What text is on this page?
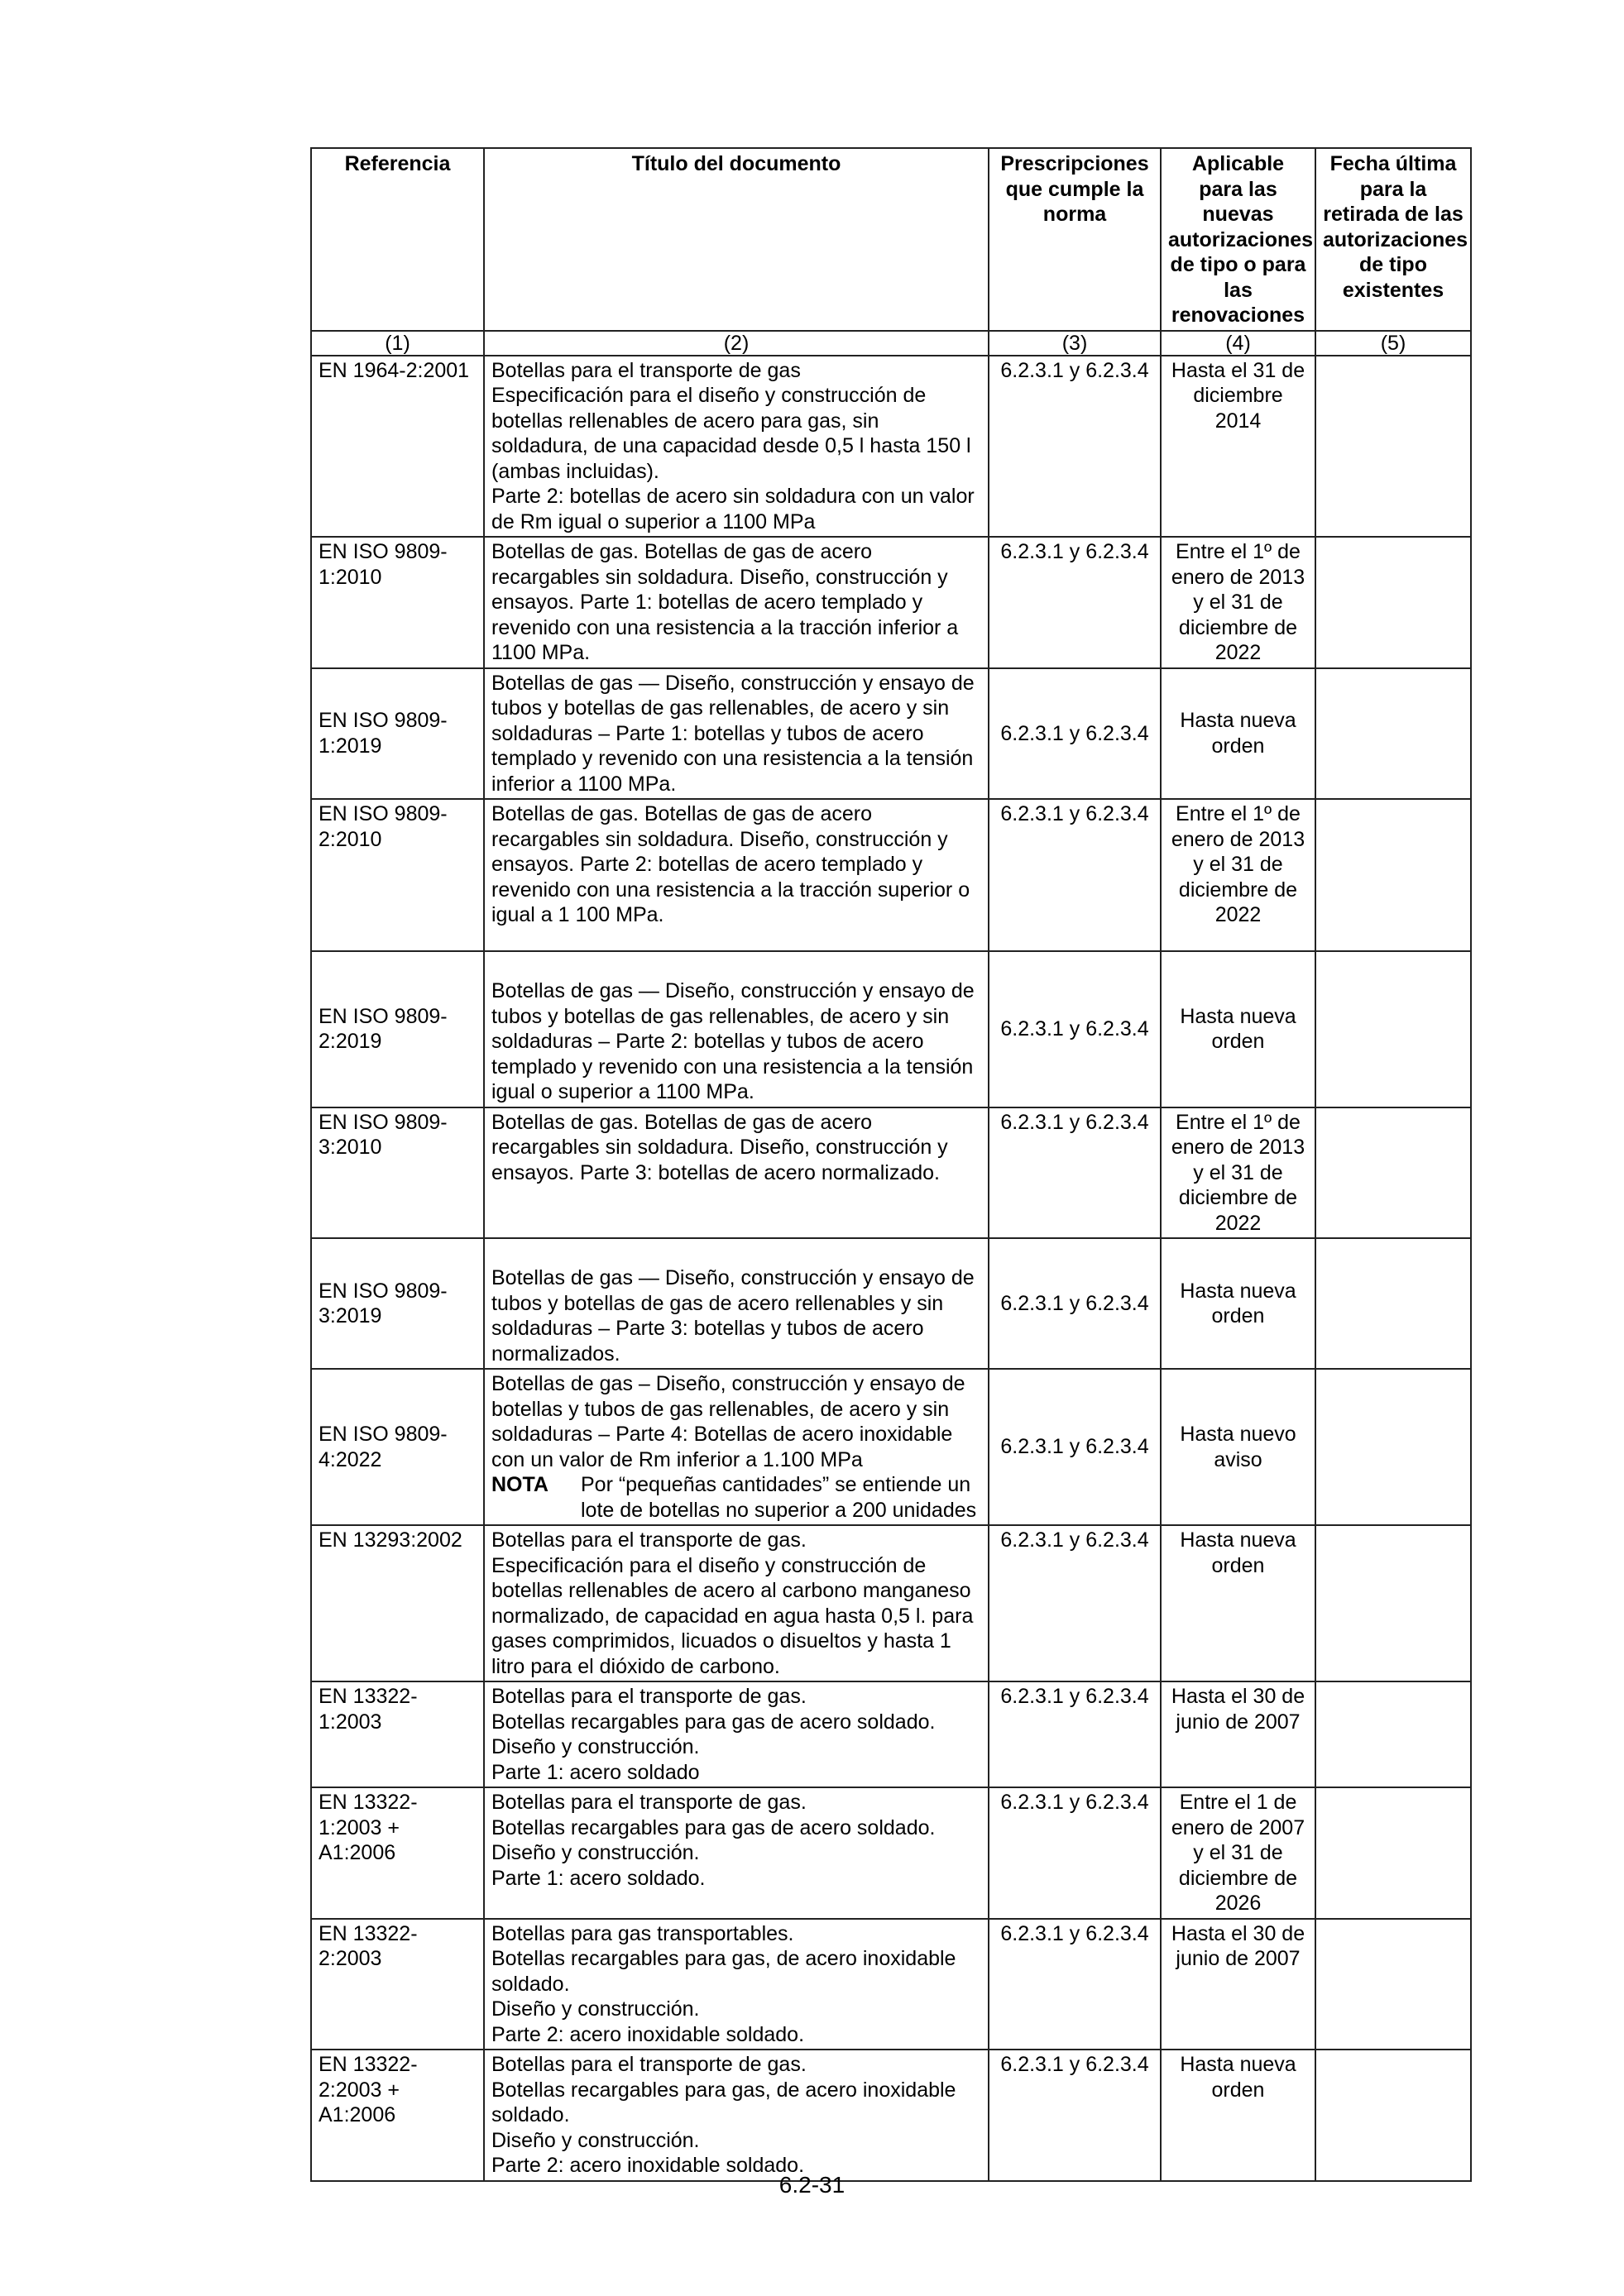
Referencia	Título del documento	Prescripciones que cumple la norma	Aplicable para las nuevas autorizaciones de tipo o para las renovaciones	Fecha última para la retirada de las autorizaciones de tipo existentes
(1)	(2)	(3)	(4)	(5)
EN 1964-2:2001	Botellas para el transporte de gas
Especificación para el diseño y construcción de botellas rellenables de acero para gas, sin soldadura, de una capacidad desde 0,5 l hasta 150 l (ambas incluidas).
Parte 2: botellas de acero sin soldadura con un valor de Rm igual o superior a 1100 MPa	6.2.3.1 y 6.2.3.4	Hasta el 31 de diciembre 2014	
EN ISO 9809-1:2010	Botellas de gas. Botellas de gas de acero recargables sin soldadura. Diseño, construcción y ensayos. Parte 1: botellas de acero templado y revenido con una resistencia a la tracción inferior a 1100 MPa.	6.2.3.1 y 6.2.3.4	Entre el 1º de enero de 2013 y el 31 de diciembre de 2022	
EN ISO 9809-1:2019	Botellas de gas — Diseño, construcción y ensayo de tubos y botellas de gas rellenables, de acero y sin soldaduras – Parte 1: botellas y tubos de acero templado y revenido con una resistencia a la tensión inferior a 1100 MPa.	6.2.3.1 y 6.2.3.4	Hasta nueva orden	
EN ISO 9809-2:2010	Botellas de gas. Botellas de gas de acero recargables sin soldadura. Diseño, construcción y ensayos. Parte 2: botellas de acero templado y revenido con una resistencia a la tracción superior o igual a 1 100 MPa.	6.2.3.1 y 6.2.3.4	Entre el 1º de enero de 2013 y el 31 de diciembre de 2022	
EN ISO 9809-2:2019	Botellas de gas — Diseño, construcción y ensayo de tubos y botellas de gas rellenables, de acero y sin soldaduras – Parte 2: botellas y tubos de acero templado y revenido con una resistencia a la tensión igual o superior a 1100 MPa.	6.2.3.1 y 6.2.3.4	Hasta nueva orden	
EN ISO 9809-3:2010	Botellas de gas. Botellas de gas de acero recargables sin soldadura. Diseño, construcción y ensayos. Parte 3: botellas de acero normalizado.	6.2.3.1 y 6.2.3.4	Entre el 1º de enero de 2013 y el 31 de diciembre de 2022	
EN ISO 9809-3:2019	Botellas de gas — Diseño, construcción y ensayo de tubos y botellas de gas de acero rellenables y sin soldaduras – Parte 3: botellas y tubos de acero normalizados.	6.2.3.1 y 6.2.3.4	Hasta nueva orden	
EN ISO 9809-4:2022	Botellas de gas – Diseño, construcción y ensayo de botellas y tubos de gas rellenables, de acero y sin soldaduras – Parte 4: Botellas de acero inoxidable con un valor de Rm inferior a 1.100 MPa
NOTA Por “pequeñas cantidades” se entiende un lote de botellas no superior a 200 unidades	6.2.3.1 y 6.2.3.4	Hasta nuevo aviso	
EN 13293:2002	Botellas para el transporte de gas.
Especificación para el diseño y construcción de botellas rellenables de acero al carbono manganeso normalizado, de capacidad en agua hasta 0,5 l. para gases comprimidos, licuados o disueltos y hasta 1 litro para el dióxido de carbono.	6.2.3.1 y 6.2.3.4	Hasta nueva orden	
EN 13322-1:2003	Botellas para el transporte de gas.
Botellas recargables para gas de acero soldado.
Diseño y construcción.
Parte 1: acero soldado	6.2.3.1 y 6.2.3.4	Hasta el 30 de junio de 2007	
EN 13322-1:2003 + A1:2006	Botellas para el transporte de gas.
Botellas recargables para gas de acero soldado.
Diseño y construcción.
Parte 1: acero soldado.	6.2.3.1 y 6.2.3.4	Entre el 1 de enero de 2007 y el 31 de diciembre de 2026	
EN 13322-2:2003	Botellas para gas transportables.
Botellas recargables para gas, de acero inoxidable soldado.
Diseño y construcción.
Parte 2: acero inoxidable soldado.	6.2.3.1 y 6.2.3.4	Hasta el 30 de junio de 2007	
EN 13322-2:2003 + A1:2006	Botellas para el transporte de gas.
Botellas recargables para gas, de acero inoxidable soldado.
Diseño y construcción.
Parte 2: acero inoxidable soldado.	6.2.3.1 y 6.2.3.4	Hasta nueva orden	
6.2-31
